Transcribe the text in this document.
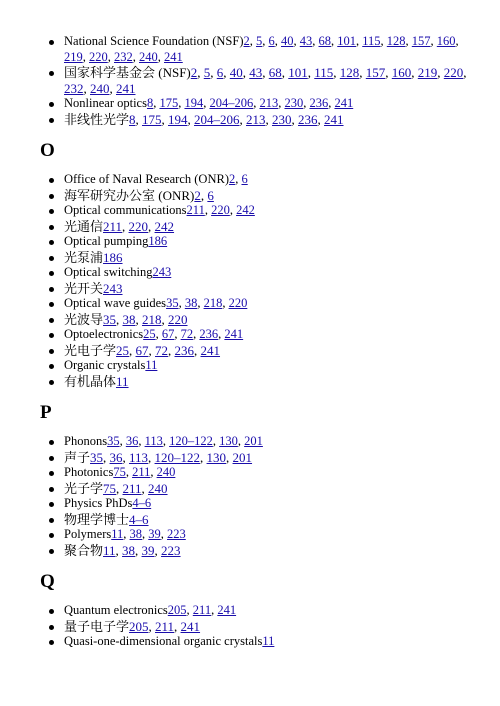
National Science Foundation (NSF)2, 5, 6, 40, 43, 68, 101, 115, 128, 157, 160, 219, 220, 232, 240, 241
国家科学基金会 (NSF)2, 5, 6, 40, 43, 68, 101, 115, 128, 157, 160, 219, 220, 232, 240, 241
Nonlinear optics8, 175, 194, 204–206, 213, 230, 236, 241
非线性光学8, 175, 194, 204–206, 213, 230, 236, 241
O
Office of Naval Research (ONR)2, 6
海军研究办公室 (ONR)2, 6
Optical communications211, 220, 242
光通信211, 220, 242
Optical pumping186
光泵浦186
Optical switching243
光开关243
Optical wave guides35, 38, 218, 220
光波导35, 38, 218, 220
Optoelectronics25, 67, 72, 236, 241
光电子学25, 67, 72, 236, 241
Organic crystals11
有机晶体11
P
Phonons35, 36, 113, 120–122, 130, 201
声子35, 36, 113, 120–122, 130, 201
Photonics75, 211, 240
光子学75, 211, 240
Physics PhDs4–6
物理学博士4–6
Polymers11, 38, 39, 223
聚合物11, 38, 39, 223
Q
Quantum electronics205, 211, 241
量子电子学205, 211, 241
Quasi-one-dimensional organic crystals11
